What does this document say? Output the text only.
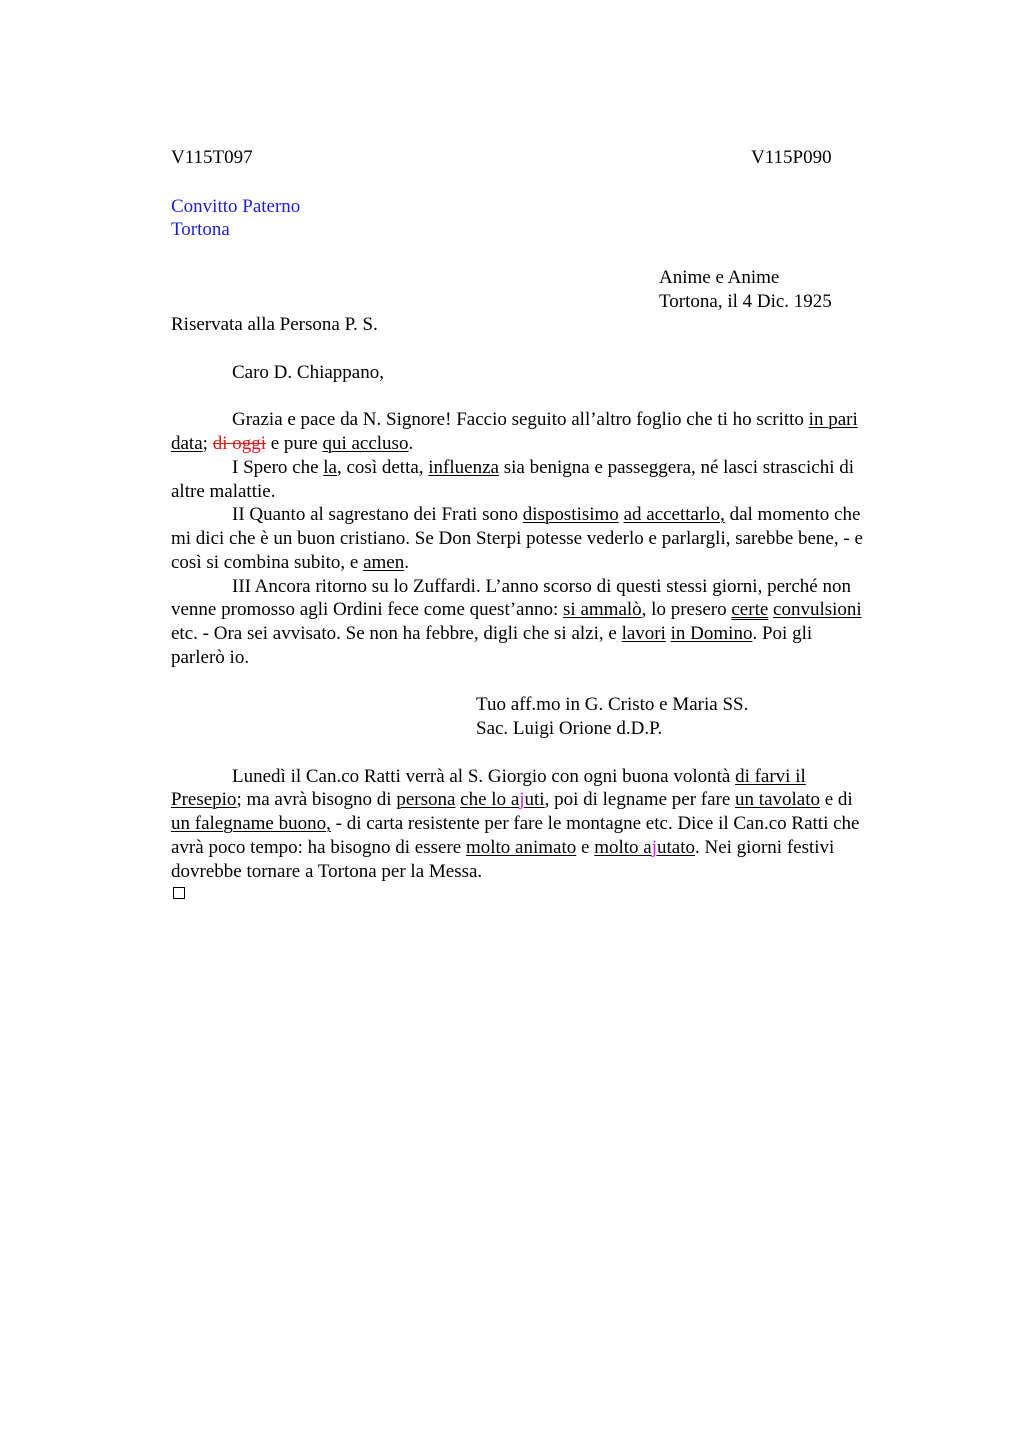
V115T097	V115P090
Convitto Paterno
Tortona
Anime e Anime
Tortona, il 4 Dic. 1925
Riservata alla Persona P. S.
Caro D. Chiappano,
Grazia e pace da N. Signore! Faccio seguito all’altro foglio che ti ho scritto in pari
data; di oggi e pure qui accluso.
I Spero che la, così detta, influenza sia benigna e passeggera, né lasci strascichi di
altre malattie.
II Quanto al sagrestano dei Frati sono dispostisimo ad accettarlo, dal momento che
mi dici che è un buon cristiano. Se Don Sterpi potesse vederlo e parlargli, sarebbe bene, - e
così si combina subito, e amen.
III Ancora ritorno su lo Zuffardi. L’anno scorso di questi stessi giorni, perché non
venne promosso agli Ordini fece come quest’anno: si ammalò, lo presero certe convulsioni
etc. - Ora sei avvisato. Se non ha febbre, digli che si alzi, e lavori in Domino. Poi gli
parlerò io.
Tuo aff.mo in G. Cristo e Maria SS.
Sac. Luigi Orione d.D.P.
Lunedì il Can.co Ratti verrà al S. Giorgio con ogni buona volontà di farvi il
Presepio; ma avrà bisogno di persona che lo ajuti, poi di legname per fare un tavolato e di
un falegname buono, - di carta resistente per fare le montagne etc. Dice il Can.co Ratti che
avrà poco tempo: ha bisogno di essere molto animato e molto ajutato. Nei giorni festivi
dovrebbe tornare a Tortona per la Messa.
